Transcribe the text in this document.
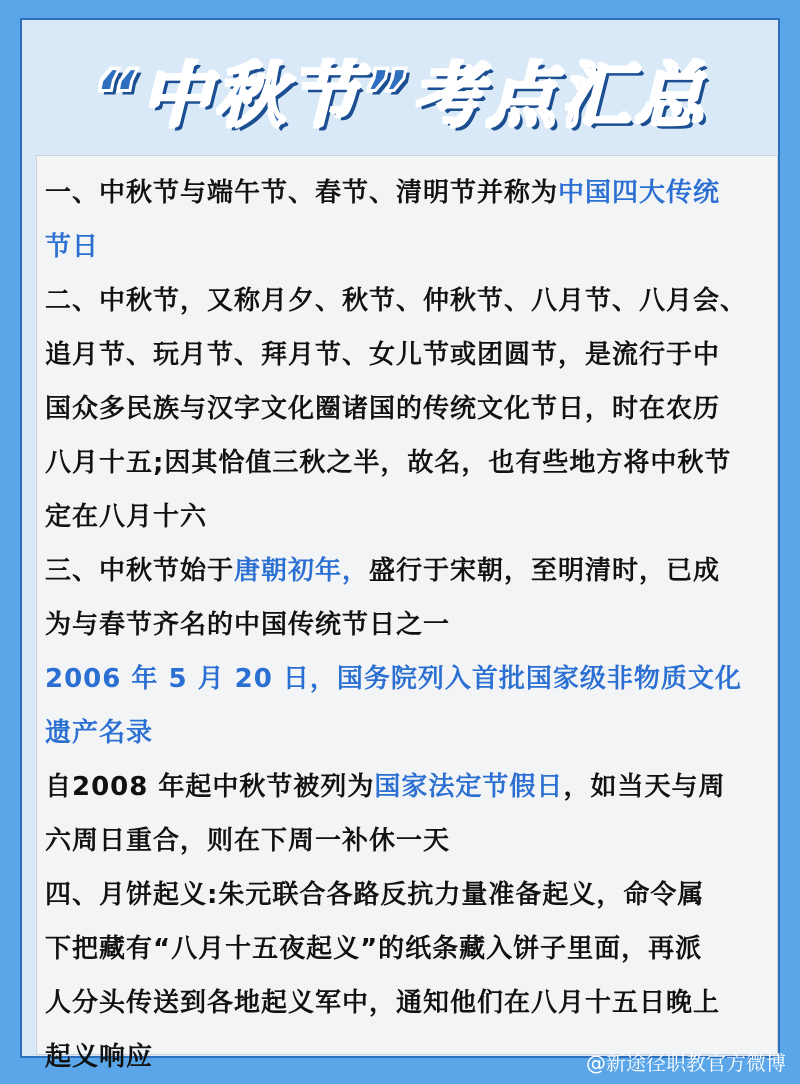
“中秋节”考点汇总
一、中秋节与端午节、春节、清明节并称为中国四大传统
节日
二、中秋节，又称月夕、秋节、仲秋节、八月节、八月会、
追月节、玩月节、拜月节、女儿节或团圆节，是流行于中
国众多民族与汉字文化圈诸国的传统文化节日，时在农历
八月十五;因其恰值三秋之半，故名，也有些地方将中秋节
定在八月十六
三、中秋节始于唐朝初年，盛行于宋朝，至明清时，已成
为与春节齐名的中国传统节日之一
2006 年 5 月 20 日，国务院列入首批国家级非物质文化
遗产名录
自2008 年起中秋节被列为国家法定节假日，如当天与周
六周日重合，则在下周一补休一天
四、月饼起义:朱元联合各路反抗力量准备起义，命令属
下把藏有“八月十五夜起义”的纸条藏入饼子里面，再派
人分头传送到各地起义军中，通知他们在八月十五日晚上
起义响应	@新途径职教官方微博
